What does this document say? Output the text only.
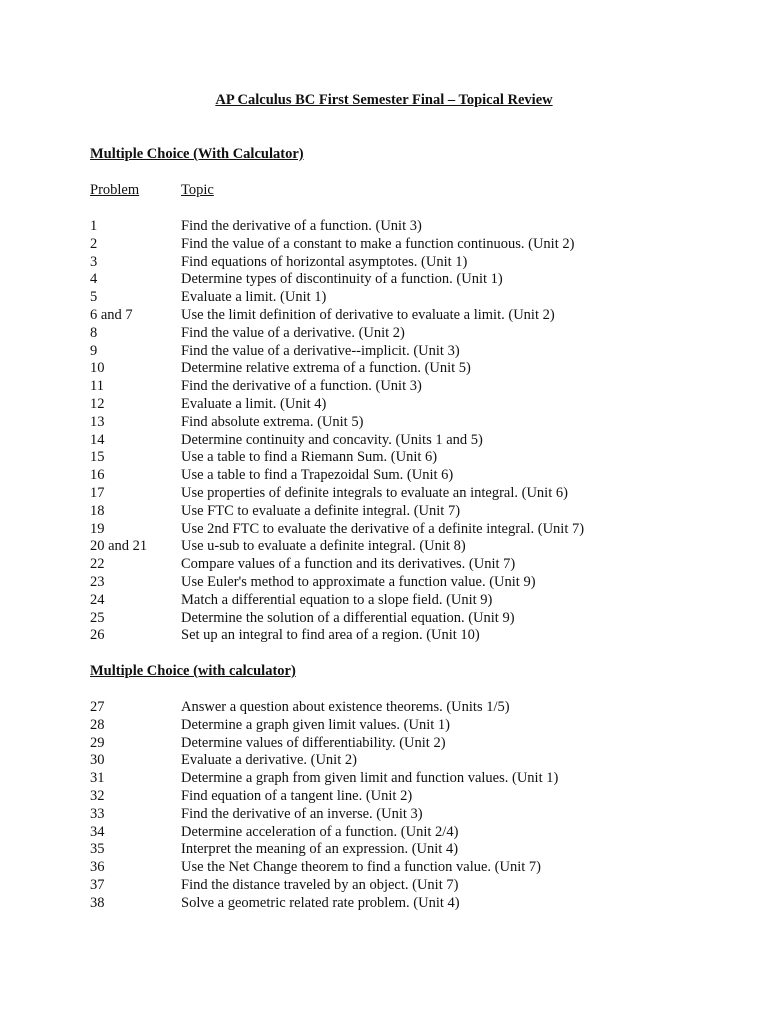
AP Calculus BC First Semester Final – Topical Review
Multiple Choice (With Calculator)
Problem	Topic
1	Find the derivative of a function. (Unit 3)
2	Find the value of a constant to make a function continuous. (Unit 2)
3	Find equations of horizontal asymptotes. (Unit 1)
4	Determine types of discontinuity of a function. (Unit 1)
5	Evaluate a limit. (Unit 1)
6 and 7	Use the limit definition of derivative to evaluate a limit. (Unit 2)
8	Find the value of a derivative. (Unit 2)
9	Find the value of a derivative--implicit. (Unit 3)
10	Determine relative extrema of a function. (Unit 5)
11	Find the derivative of a function. (Unit 3)
12	Evaluate a limit. (Unit 4)
13	Find absolute extrema. (Unit 5)
14	Determine continuity and concavity. (Units 1 and 5)
15	Use a table to find a Riemann Sum. (Unit 6)
16	Use a table to find a Trapezoidal Sum. (Unit 6)
17	Use properties of definite integrals to evaluate an integral. (Unit 6)
18	Use FTC to evaluate a definite integral. (Unit 7)
19	Use 2nd FTC to evaluate the derivative of a definite integral. (Unit 7)
20 and 21	Use u-sub to evaluate a definite integral. (Unit 8)
22	Compare values of a function and its derivatives. (Unit 7)
23	Use Euler's method to approximate a function value. (Unit 9)
24	Match a differential equation to a slope field. (Unit 9)
25	Determine the solution of a differential equation. (Unit 9)
26	Set up an integral to find area of a region. (Unit 10)
Multiple Choice (with calculator)
27	Answer a question about existence theorems. (Units 1/5)
28	Determine a graph given limit values. (Unit 1)
29	Determine values of differentiability. (Unit 2)
30	Evaluate a derivative. (Unit 2)
31	Determine a graph from given limit and function values. (Unit 1)
32	Find equation of a tangent line. (Unit 2)
33	Find the derivative of an inverse. (Unit 3)
34	Determine acceleration of a function. (Unit 2/4)
35	Interpret the meaning of an expression. (Unit 4)
36	Use the Net Change theorem to find a function value. (Unit 7)
37	Find the distance traveled by an object. (Unit 7)
38	Solve a geometric related rate problem. (Unit 4)
